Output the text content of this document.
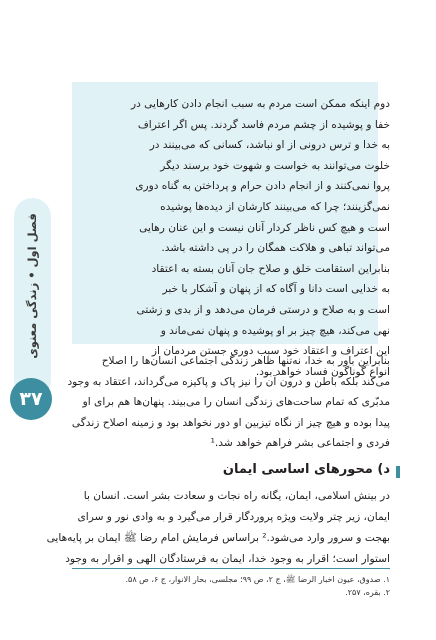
فصل اول • زندگی معنوی
۳۷

دوم اینکه ممکن است مردم به سبب انجام دادن کارهایی در

خفا و پوشیده از چشم مردم فاسد گردند. پس اگر اعتراف

به خدا و ترس درونی از او نباشد، کسانی که می‌بینند در

خلوت می‌توانند به خواست و شهوت خود برسند دیگر

پروا نمی‌کنند و از انجام دادن حرام و پرداختن به گناه دوری

نمی‌گزینند؛ چرا که می‌بینند کارشان از دیده‌ها پوشیده

است و هیچ کس ناظر کردار آنان نیست و این عنان رهایی

می‌تواند تباهی و هلاکت همگان را در پی داشته باشد.

بنابراین استقامت خلق و صلاح جان آنان بسته به اعتقاد

به خدایی است دانا و آگاه که از پنهان و آشکار با خبر

است و به صلاح و درستی فرمان می‌دهد و از بدی و زشتی

نهی می‌کند، هیچ چیز بر او پوشیده و پنهان نمی‌ماند و

این اعتراف و اعتقاد خود سبب دوری جستن مردمان از

انواع گوناگون فساد خواهد بود.

بنابراین باور به خدا، نه‌تنها ظاهر زندگی اجتماعی انسان‌ها را اصلاح

می‌کند بلکه باطن و درون آن را نیز پاک و پاکیزه می‌گرداند، اعتقاد به وجود

مدبّری که تمام ساحت‌های زندگی انسان را می‌بیند. پنهان‌ها هم برای او

پیدا بوده و هیچ چیز از نگاه تیزبین او دور نخواهد بود و زمینه اصلاح زندگی

فردی و اجتماعی بشر فراهم خواهد شد.¹

د) محورهای اساسی ایمان

در بینش اسلامی، ایمان، یگانه راه نجات و سعادت بشر است. انسان با

ایمان، زیر چتر ولایت ویژه پروردگار قرار می‌گیرد و به وادی نور و سرای

بهجت و سرور وارد می‌شود.² براساس فرمایش امام رضا ﷺ ایمان بر پایه‌هایی

استوار است؛ اقرار به وجود خدا، ایمان به فرستادگان الهی و اقرار به وجود

۱. صدوق، عیون اخبار الرضا ﷺ، ج ۲، ص ۹۹؛ مجلسی، بحار الانوار، ج ۶، ص ۵۸.

۲. بقره، ۲۵۷.
